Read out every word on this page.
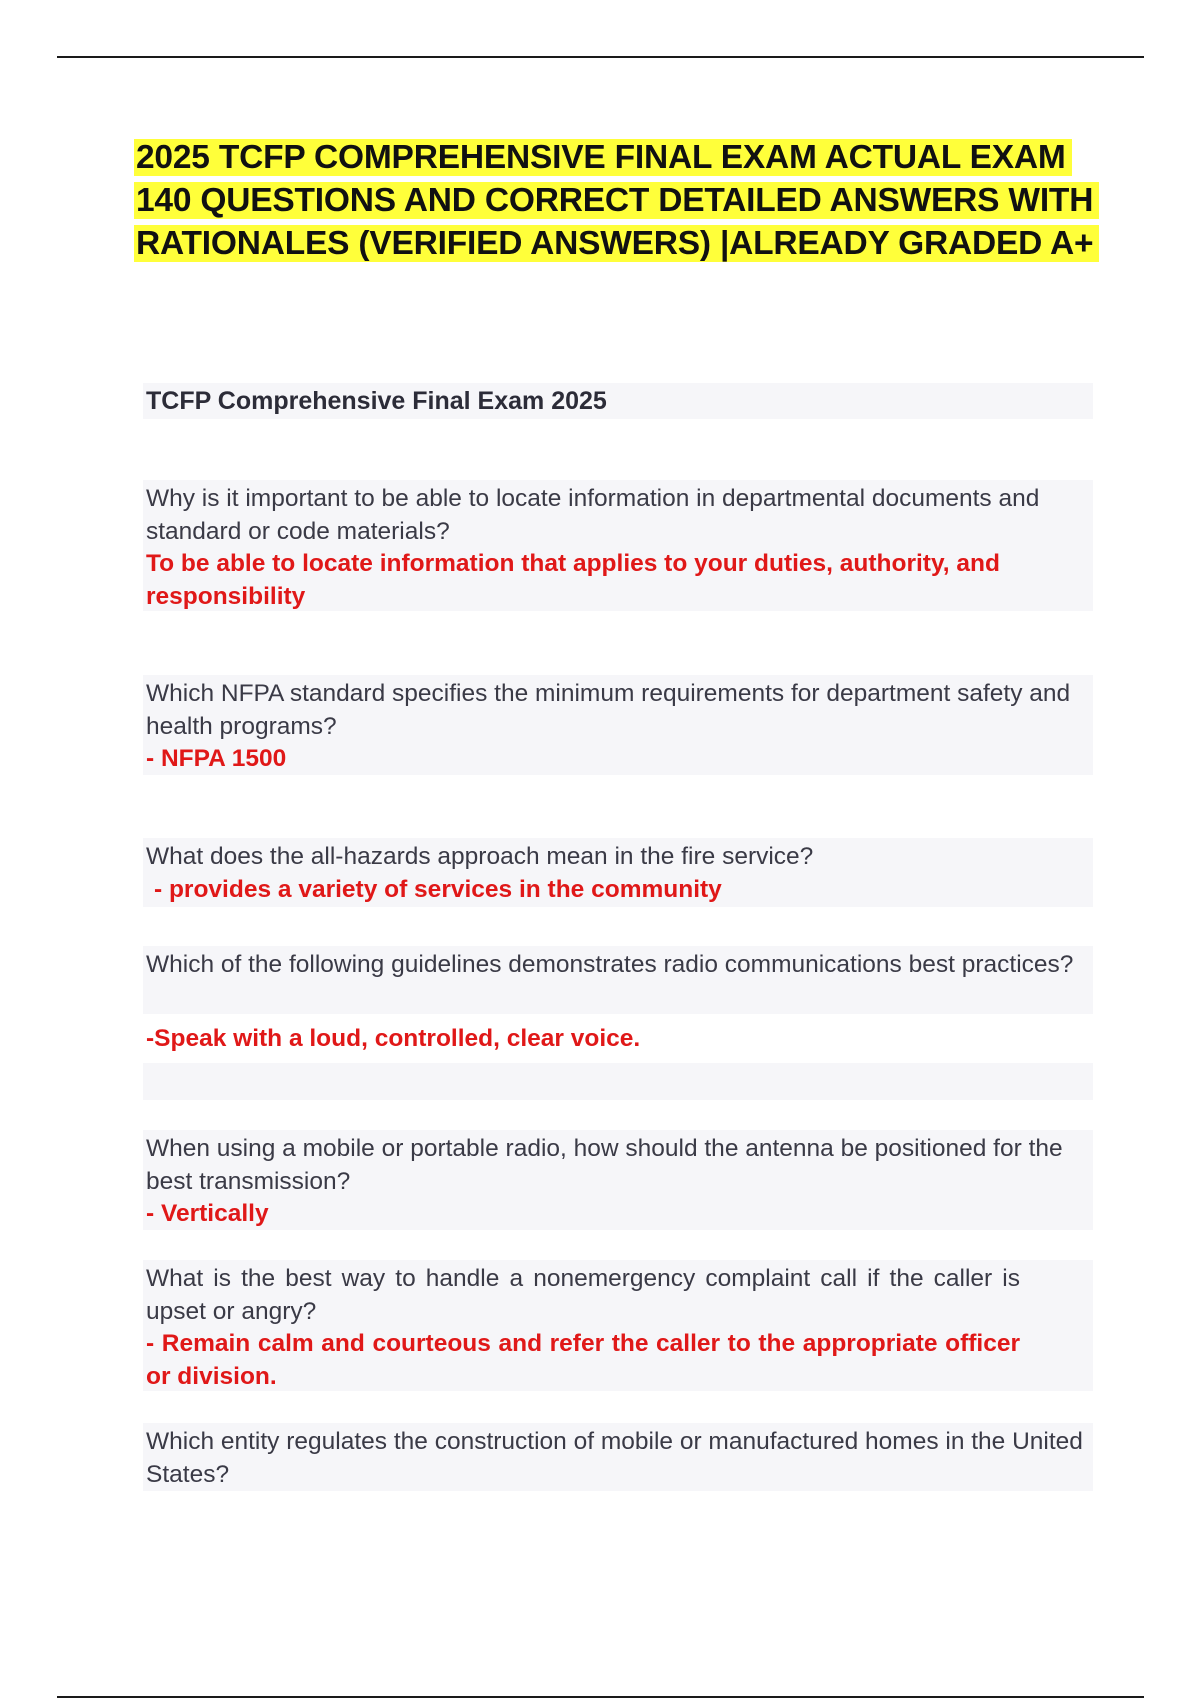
2025 TCFP COMPREHENSIVE FINAL EXAM ACTUAL EXAM 140 QUESTIONS AND CORRECT DETAILED ANSWERS WITH RATIONALES (VERIFIED ANSWERS) |ALREADY GRADED A+
TCFP Comprehensive Final Exam 2025

Why is it important to be able to locate information in departmental documents and standard or code materials?

To be able to locate information that applies to your duties, authority, and responsibility

Which NFPA standard specifies the minimum requirements for department safety and health programs?

- NFPA 1500

What does the all-hazards approach mean in the fire service?

- provides a variety of services in the community

Which of the following guidelines demonstrates radio communications best practices?

-Speak with a loud, controlled, clear voice.

When using a mobile or portable radio, how should the antenna be positioned for the best transmission?

- Vertically

What is the best way to handle a nonemergency complaint call if the caller is upset or angry?

- Remain calm and courteous and refer the caller to the appropriate officer or division.

Which entity regulates the construction of mobile or manufactured homes in the United States?
